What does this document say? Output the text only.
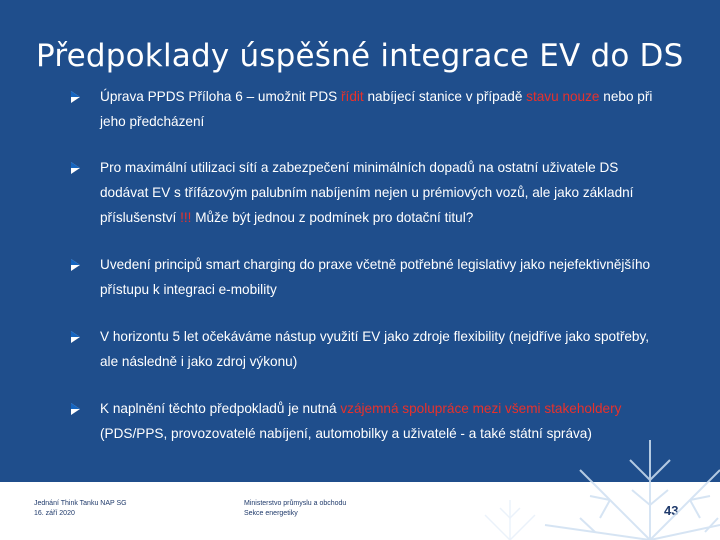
Předpoklady úspěšné integrace EV do DS
Úprava PPDS Příloha 6 – umožnit PDS řídit nabíjecí stanice v případě stavu nouze nebo při jeho předcházení
Pro maximální utilizaci sítí a zabezpečení minimálních dopadů na ostatní uživatele DS dodávat EV s třífázovým palubním nabíjením nejen u prémiových vozů, ale jako základní příslušenství !!! Může být jednou z podmínek pro dotační titul?
Uvedení principů smart charging do praxe včetně potřebné legislativy jako nejefektivnějšího přístupu k integraci e-mobility
V horizontu 5 let očekáváme nástup využití EV jako zdroje flexibility (nejdříve jako spotřeby, ale následně i jako zdroj výkonu)
K naplnění těchto předpokladů je nutná vzájemná spolupráce mezi všemi stakeholdery (PDS/PPS, provozovatelé nabíjení, automobilky a uživatelé - a také státní správa)
Jednání Think Tanku NAP SG
16. září 2020
Ministerstvo průmyslu a obchodu
Sekce energetiky	43
